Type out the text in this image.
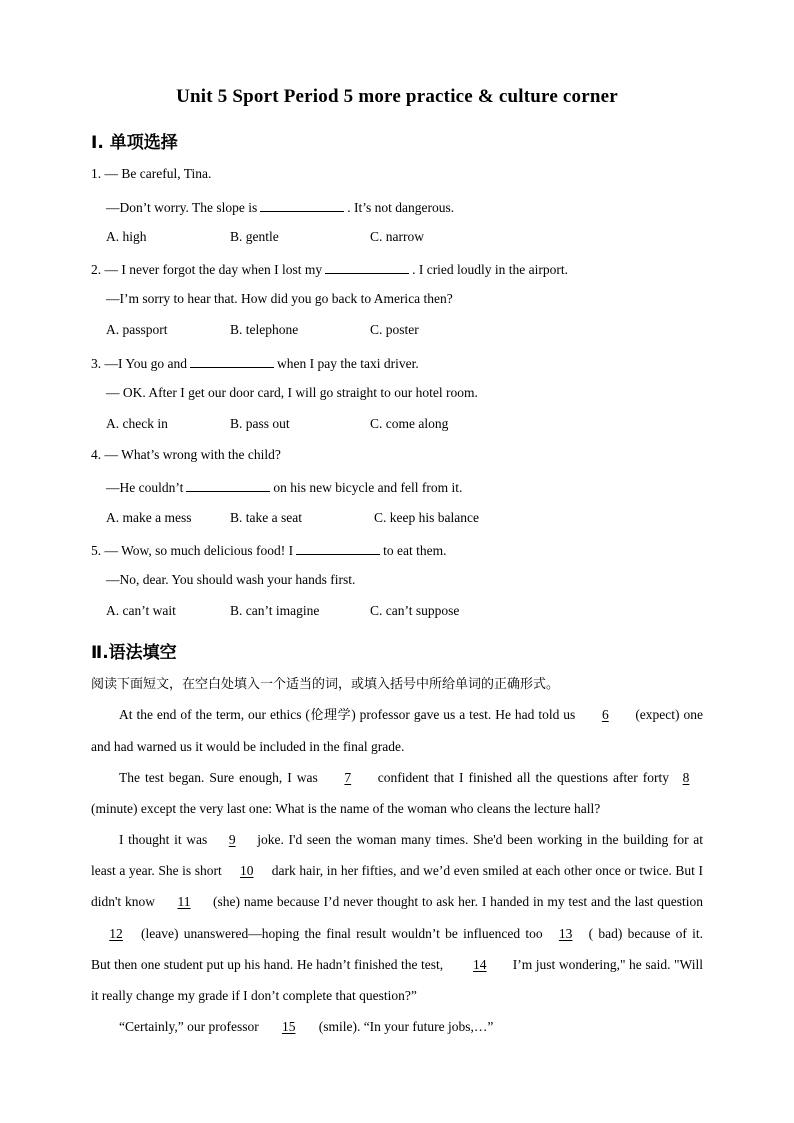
Unit 5 Sport Period 5 more practice & culture corner
Ⅰ. 单项选择
1. — Be careful, Tina.
—Don’t worry. The slope is	. It’s not dangerous.
A. high	B. gentle	C. narrow
2. — I never forgot the day when I lost my	. I cried loudly in the airport.
—I’m sorry to hear that. How did you go back to America then?
A. passport	B. telephone	C. poster
3. —I You go and	when I pay the taxi driver.
— OK. After I get our door card, I will go straight to our hotel room.
A. check in	B. pass out	C. come along
4. — What’s wrong with the child?
—He couldn’t	on his new bicycle and fell from it.
A. make a mess	B. take a seat	C. keep his balance
5. — Wow, so much delicious food! I	to eat them.
—No, dear. You should wash your hands first.
A. can’t wait	B. can’t imagine	C. can’t suppose
Ⅱ.语法填空
阅读下面短文，在空白处填入一个适当的词，或填入括号中所给单词的正确形式。
At the end of the term, our ethics (伦理学) professor gave us a test. He had told us 6 (expect) one and had warned us it would be included in the final grade.
The test began. Sure enough, I was 7 confident that I finished all the questions after forty 8 (minute) except the very last one: What is the name of the woman who cleans the lecture hall?
I thought it was 9 joke. I'd seen the woman many times. She'd been working in the building for at least a year. She is short 10 dark hair, in her fifties, and we’d even smiled at each other once or twice. But I didn't know 11 (she) name because I’d never thought to ask her. I handed in my test and the last question12 (leave) unanswered—hoping the final result wouldn’t be influenced too 13 ( bad) because of it. But then one student put up his hand. He hadn’t finished the test, 14 I’m just wondering," he said. "Will it really change my grade if I don’t complete that question?”
“Certainly,” our professor 15 (smile). “In your future jobs,…”
